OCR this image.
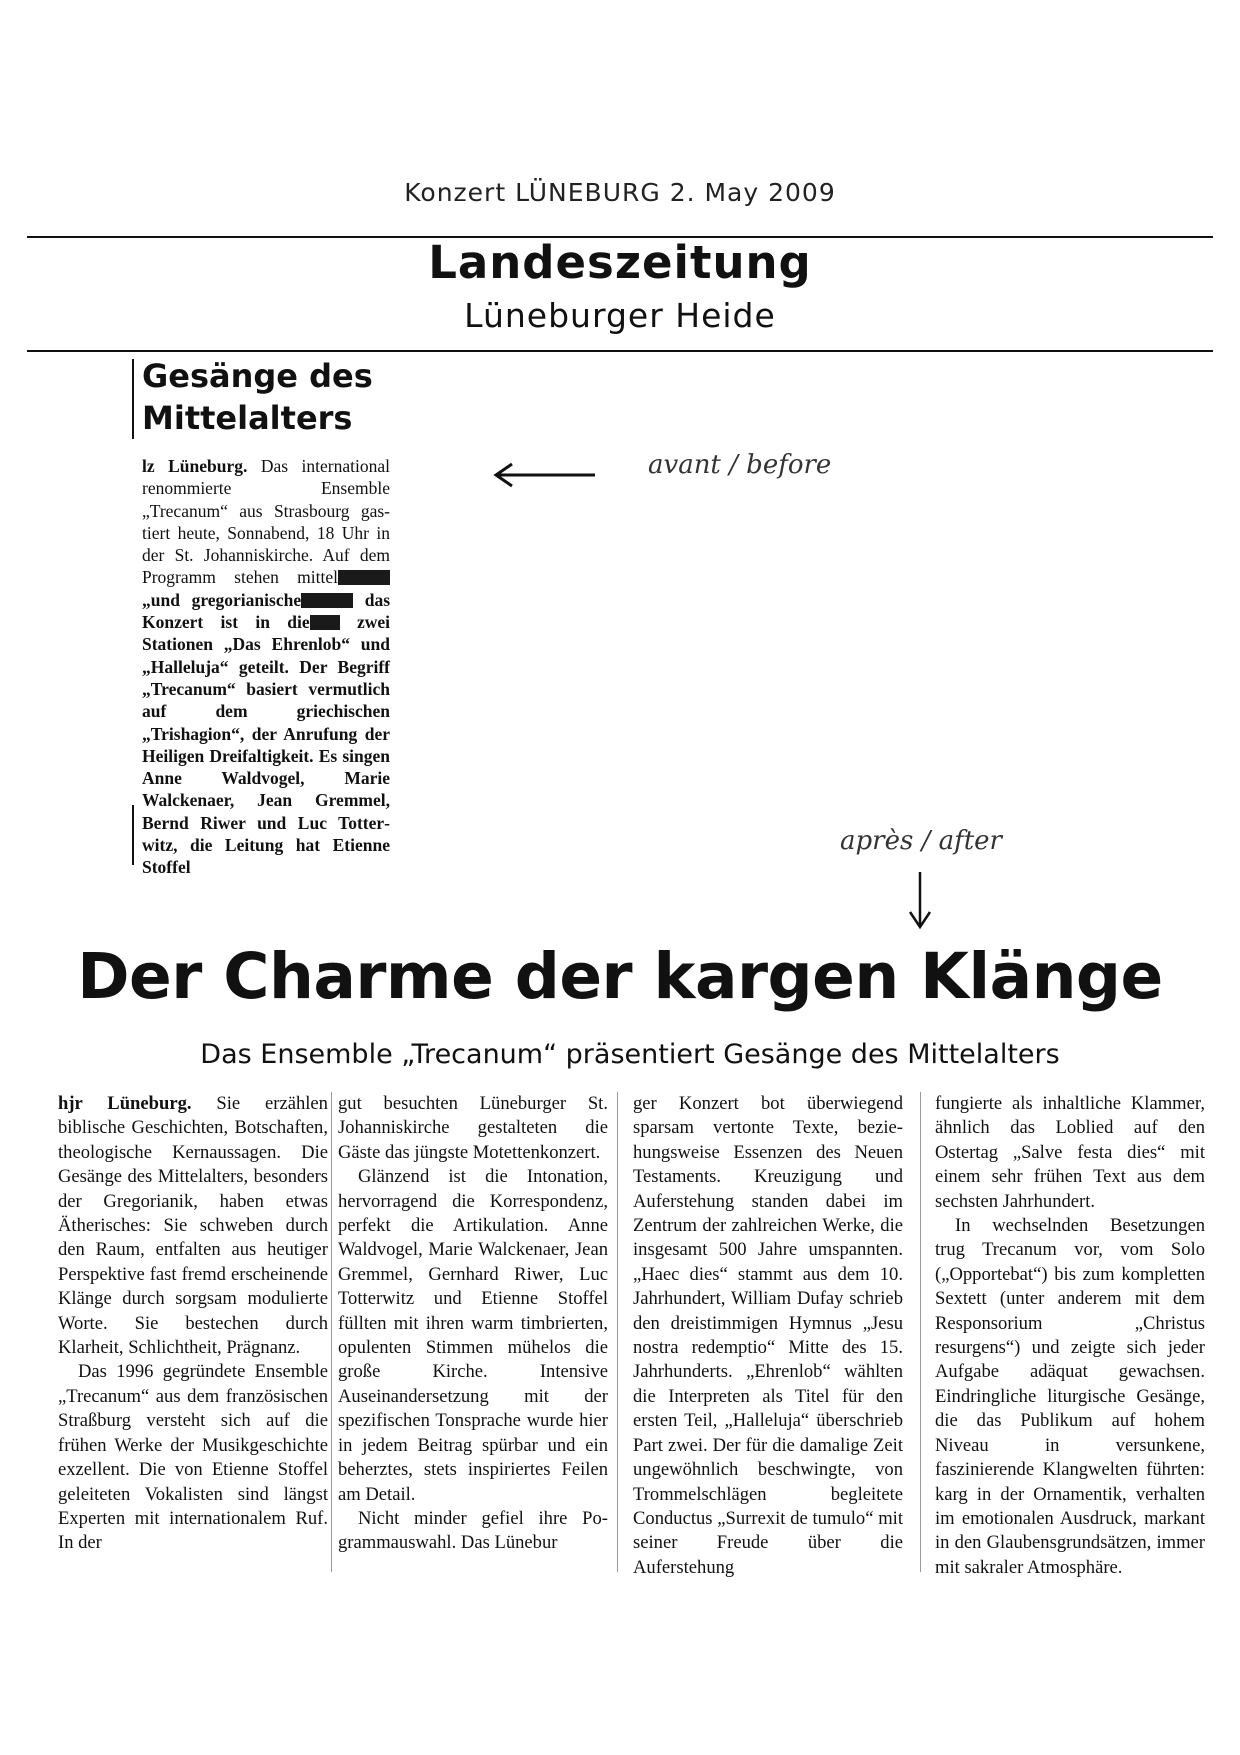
Konzert LÜNEBURG 2. May 2009
Landeszeitung
Lüneburger Heide
Gesänge des Mittelalters
lz Lüneburg. Das international renommierte Ensemble „Trecanum“ aus Strasbourg gastiert heute, Sonnabend, 18 Uhr in der St. Johanniskirche. Auf dem Programm stehen mittel „und gregorianische	das Konzert ist in die zwei Stationen „Das Ehrenlob“ und „Halleluja“ geteilt. Der Begriff „Trecanum“ basiert vermutlich auf dem griechischen „Trishagion“, der Anrufung der Heiligen Dreifaltigkeit. Es singen Anne Waldvogel, Marie Walckenaer, Jean Gremmel, Bernd Riwer und Luc Totterwitz, die Leitung hat Etienne Stoffel
avant / before
après / after
Der Charme der kargen Klänge
Das Ensemble „Trecanum“ präsentiert Gesänge des Mittelalters

hjr Lüneburg. Sie erzählen biblische Geschichten, Botschaften, theologische Kernaussagen. Die Gesänge des Mittelalters, besonders der Gregorianik, haben etwas Ätherisches: Sie schweben durch den Raum, entfalten aus heutiger Perspektive fast fremd erscheinende Klänge durch sorgsam modulierte Worte. Sie bestechen durch Klarheit, Schlichtheit, Prägnanz.

Das 1996 gegründete Ensemble „Trecanum“ aus dem französischen Straßburg versteht sich auf die frühen Werke der Musikgeschichte exzellent. Die von Etienne Stoffel geleiteten Vokalisten sind längst Experten mit internationalem Ruf. In der

gut besuchten Lüneburger St. Johanniskirche gestalteten die Gäste das jüngste Motettenkonzert.

Glänzend ist die Intonation, hervorragend die Korrespondenz, perfekt die Artikulation. Anne Waldvogel, Marie Walckenaer, Jean Gremmel, Gernhard Riwer, Luc Totterwitz und Etienne Stoffel füllten mit ihren warm timbrierten, opulenten Stimmen mühelos die große Kirche. Intensive Auseinandersetzung mit der spezifischen Tonsprache wurde hier in jedem Beitrag spürbar und ein beherztes, stets inspiriertes Feilen am Detail.

Nicht minder gefiel ihre Pogrammauswahl. Das Lünebur

ger Konzert bot überwiegend sparsam vertonte Texte, beziehungsweise Essenzen des Neuen Testaments. Kreuzigung und Auferstehung standen dabei im Zentrum der zahlreichen Werke, die insgesamt 500 Jahre umspannten. „Haec dies“ stammt aus dem 10. Jahrhundert, William Dufay schrieb den dreistimmigen Hymnus „Jesu nostra redemptio“ Mitte des 15. Jahrhunderts. „Ehrenlob“ wählten die Interpreten als Titel für den ersten Teil, „Halleluja“ überschrieb Part zwei. Der für die damalige Zeit ungewöhnlich beschwingte, von Trommelschlägen begleitete Conductus „Surrexit de tumulo“ mit seiner Freude über die Auferstehung

fungierte als inhaltliche Klammer, ähnlich das Loblied auf den Ostertag „Salve festa dies“ mit einem sehr frühen Text aus dem sechsten Jahrhundert.

In wechselnden Besetzungen trug Trecanum vor, vom Solo („Opportebat“) bis zum kompletten Sextett (unter anderem mit dem Responsorium „Christus resurgens“) und zeigte sich jeder Aufgabe adäquat gewachsen. Eindringliche liturgische Gesänge, die das Publikum auf hohem Niveau in versunkene, faszinierende Klangwelten führten: karg in der Ornamentik, verhalten im emotionalen Ausdruck, markant in den Glaubensgrundsätzen, immer mit sakraler Atmosphäre.
